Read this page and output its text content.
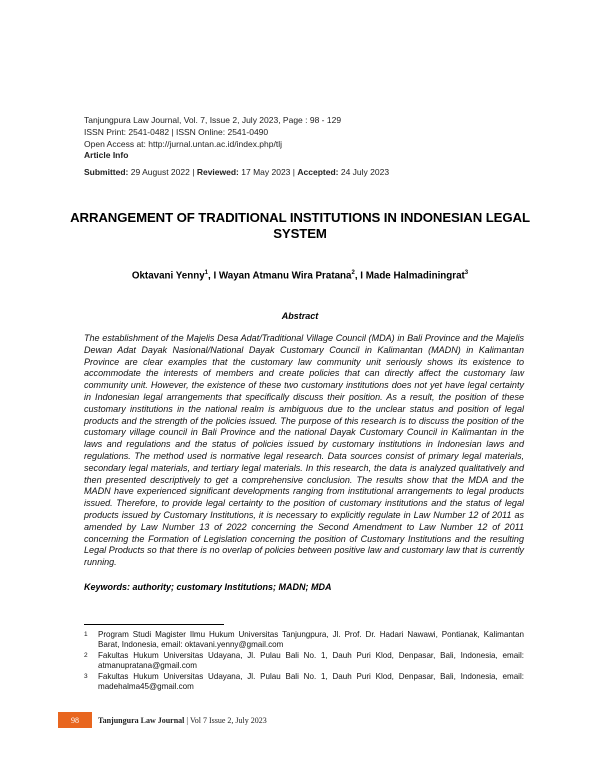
Tanjungpura Law Journal, Vol. 7, Issue 2, July 2023, Page : 98 - 129
ISSN Print: 2541-0482 | ISSN Online: 2541-0490
Open Access at: http://jurnal.untan.ac.id/index.php/tlj
Article Info
Submitted: 29 August 2022 | Reviewed: 17 May 2023 | Accepted: 24 July 2023
ARRANGEMENT OF TRADITIONAL INSTITUTIONS IN INDONESIAN LEGAL SYSTEM
Oktavani Yenny$^1$, I Wayan Atmanu Wira Pratana$^2$, I Made Halmadiningrat$^3$
Abstract

The establishment of the Majelis Desa Adat/Traditional Village Council (MDA) in Bali Province and the Majelis Dewan Adat Dayak Nasional/National Dayak Customary Council in Kalimantan (MADN) in Kalimantan Province are clear examples that the customary law community unit seriously shows its existence to accommodate the interests of members and create policies that can directly affect the customary law community unit. However, the existence of these two customary institutions does not yet have legal certainty in Indonesian legal arrangements that specifically discuss their position. As a result, the position of these customary institutions in the national realm is ambiguous due to the unclear status and position of legal products and the strength of the policies issued. The purpose of this research is to discuss the position of the customary village council in Bali Province and the national Dayak Customary Council in Kalimantan in the laws and regulations and the status of policies issued by customary institutions in Indonesian laws and regulations. The method used is normative legal research. Data sources consist of primary legal materials, secondary legal materials, and tertiary legal materials. In this research, the data is analyzed qualitatively and then presented descriptively to get a comprehensive conclusion. The results show that the MDA and the MADN have experienced significant developments ranging from institutional arrangements to legal products issued. Therefore, to provide legal certainty to the position of customary institutions and the status of legal products issued by Customary Institutions, it is necessary to explicitly regulate in Law Number 12 of 2011 as amended by Law Number 13 of 2022 concerning the Second Amendment to Law Number 12 of 2011 concerning the Formation of Legislation concerning the position of Customary Institutions and the resulting Legal Products so that there is no overlap of policies between positive law and customary law that is currently running.

Keywords: authority; customary Institutions; MADN; MDA
1	Program Studi Magister Ilmu Hukum Universitas Tanjungpura, Jl. Prof. Dr. Hadari Nawawi, Pontianak, Kalimantan Barat, Indonesia, email: oktavani.yenny@gmail.com
2	Fakultas Hukum Universitas Udayana, Jl. Pulau Bali No. 1, Dauh Puri Klod, Denpasar, Bali, Indonesia, email: atmanupratana@gmail.com
3	Fakultas Hukum Universitas Udayana, Jl. Pulau Bali No. 1, Dauh Puri Klod, Denpasar, Bali, Indonesia, email: madehalma45@gmail.com
98 Tanjungura Law Journal
|
Vol 7 Issue 2, July 2023
